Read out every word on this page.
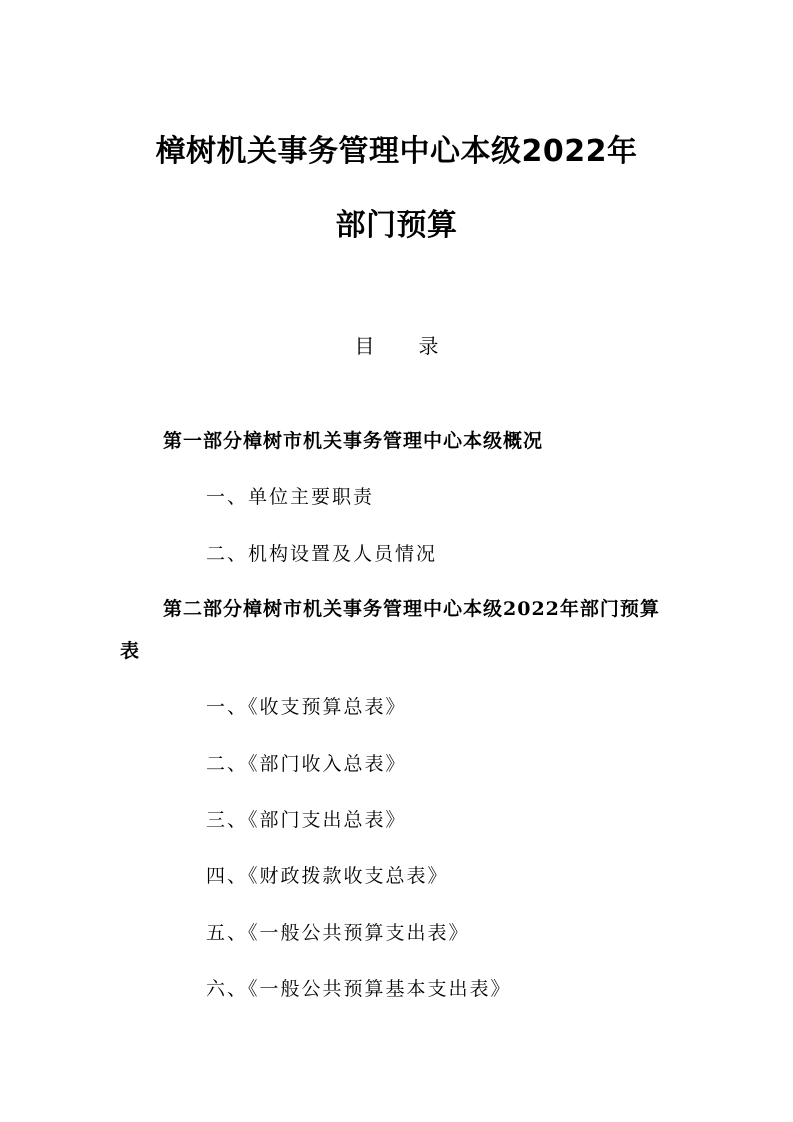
樟树机关事务管理中心本级2022年
部门预算
目 录

第一部分樟树市机关事务管理中心本级概况

一、单位主要职责

二、机构设置及人员情况

第二部分樟树市机关事务管理中心本级2022年部门预算

表

一、《收支预算总表》

二、《部门收入总表》

三、《部门支出总表》

四、《财政拨款收支总表》

五、《一般公共预算支出表》

六、《一般公共预算基本支出表》
